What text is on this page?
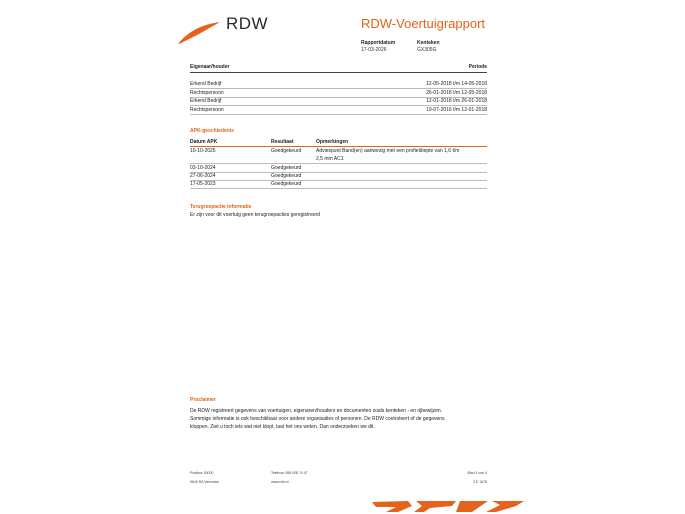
RDW	RDW-Voertuigrapport
Rapportdatum
17-03-2026
Kenteken
GX305G
Eigenaar/houder	Periode
Erkend Bedrijf	12-05-2018 t/m 14-05-2018
Rechtspersoon	26-01-2018 t/m 12-05-2018
Erkend Bedrijf	12-01-2018 t/m 26-01-2018
Rechtspersoon	19-07-2016 t/m 12-01-2018
APK-geschiedenis
Datum APK	Resultaat	Opmerkingen
10-10-2025	Goedgekeurd	Adviespunt Band(en) aanwezig met een profieldiepte van 1,6 t/m
2,5 mm AC1
03-10-2024	Goedgekeurd
27-06-2024	Goedgekeurd
17-05-2023	Goedgekeurd
Terugroepactie informatie
Er zijn voor dit voertuig geen terugroepacties geregistreerd
Proclaimer
De RDW registreert gegevens van voertuigen, eigenaren/houders en documenten zoals kenteken - en rijbewijzen.
Sommige informatie is ook beschikbaar voor andere organisaties of personen. De RDW controleert of de gegevens
kloppen. Ziet u toch iets wat niet klopt, laat het ons weten. Dan onderzoeken we dit.
Postbus 30000
9640 RA Veendam
Telefoon 088 008 74 47
www.rdw.nl
Blad 4 van 4
3 E 1678
